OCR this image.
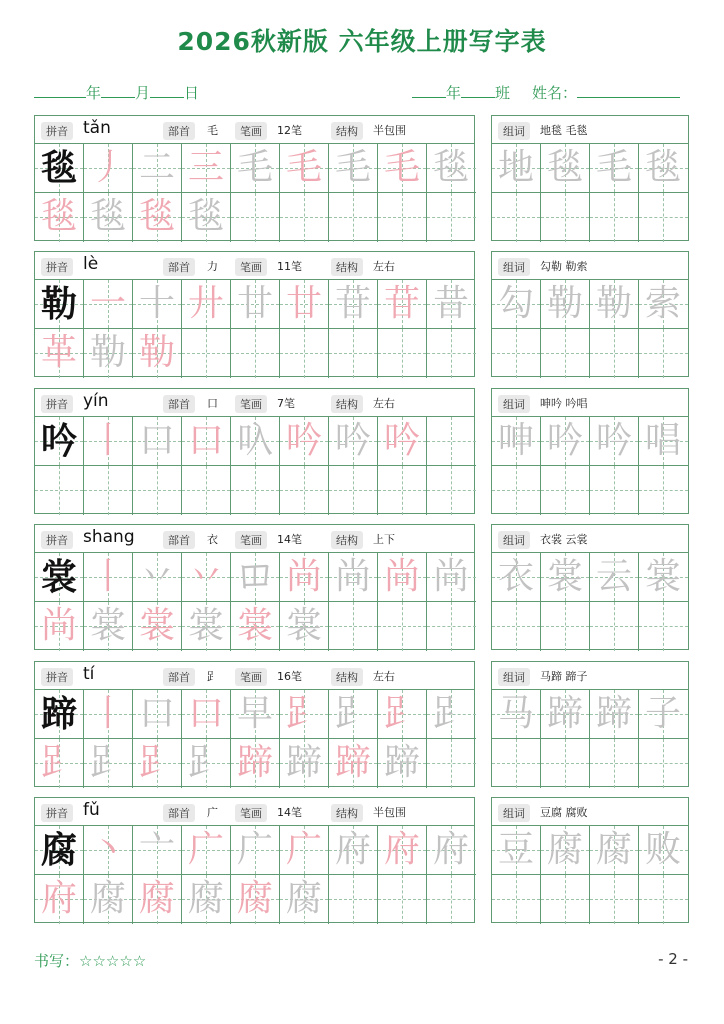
2026秋新版 六年级上册写字表
年 月 日	年 班 姓名：
拼音 tǎn	部首	毛	笔画	12笔	结构	半包围
毯 丿 二 三 毛 毛 毛 毛 毯
毯 毯 毯 毯
组词	地毯 毛毯
地 毯 毛 毯
拼音 lè	部首	力	笔画	11笔	结构	左右
勒 一 十 廾 廿 廿 苷 苷 昔
革 勒 勒
组词	勾勒 勒索
勾 勒 勒 索
拼音 yín	部首	口	笔画	7笔	结构	左右
吟 丨 口 口 叺 吟 吟 吟
组词	呻吟 吟唱
呻 吟 吟 唱
拼音 shang	部首	衣	笔画	14笔	结构	上下
裳 丨 丷 丷 𫩏 尚 尚 尚 尚
尚 裳 裳 裳 裳 裳
组词	衣裳 云裳
衣 裳 云 裳
拼音 tí	部首	𧾷	笔画	16笔	结构	左右
蹄 丨 口 口 早 𧾷 𧾷 𧾷 𧾷
𧾷 𧾷 𧾷 𧾷 蹄 蹄 蹄 蹄
组词	马蹄 蹄子
马 蹄 蹄 子
拼音 fǔ	部首	广	笔画	14笔	结构	半包围
腐 丶 亠 广 广 广 府 府 府
府 腐 腐 腐 腐 腐
组词	豆腐 腐败
豆 腐 腐 败
书写：☆☆☆☆☆	- 2 -
